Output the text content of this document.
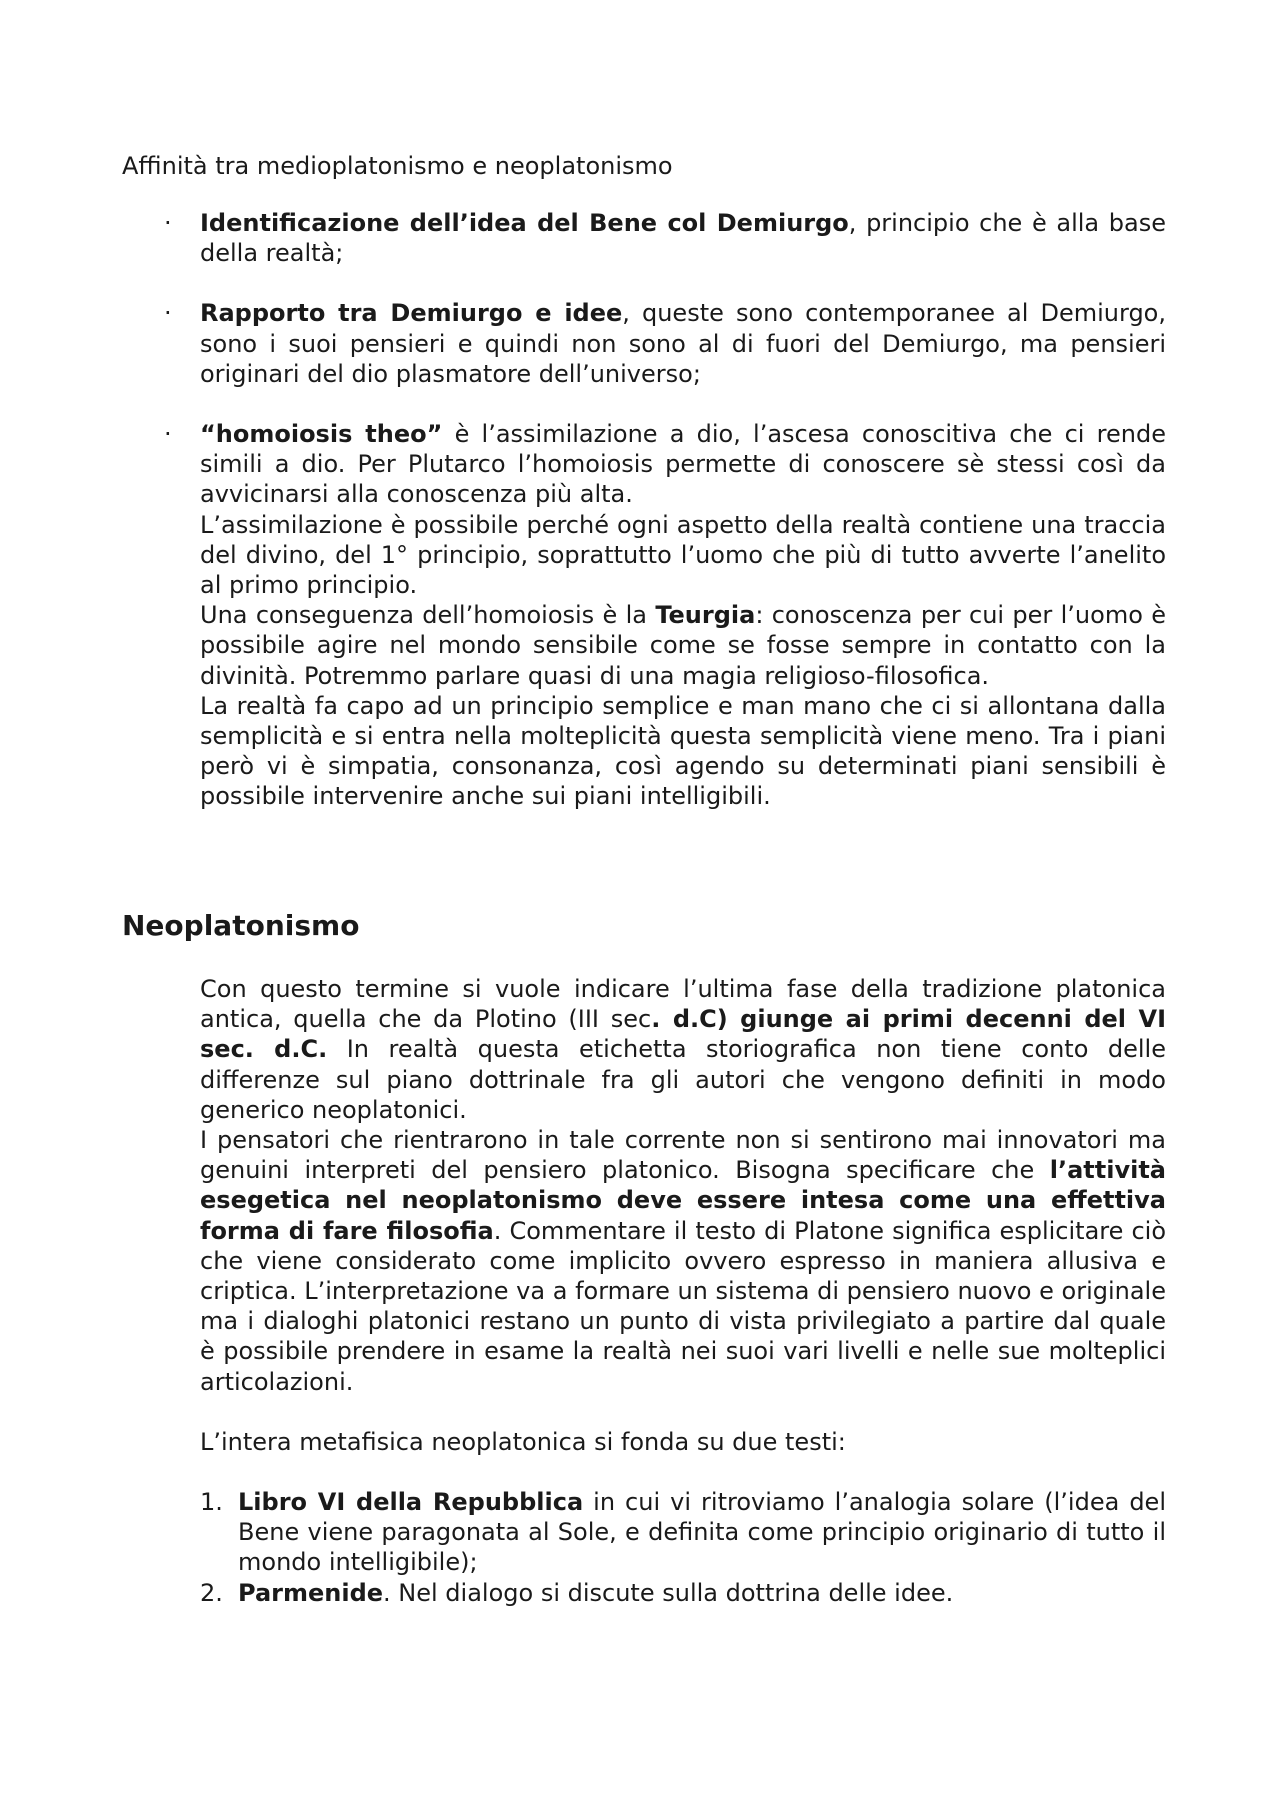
Affinità tra medioplatonismo e neoplatonismo

· Identificazione dell’idea del Bene col Demiurgo, principio che è alla base della realtà;

· Rapporto tra Demiurgo e idee, queste sono contemporanee al Demiurgo, sono i suoi pensieri e quindi non sono al di fuori del Demiurgo, ma pensieri originari del dio plasmatore dell’universo;

· “homoiosis theo” è l’assimilazione a dio, l’ascesa conoscitiva che ci rende simili a dio. Per Plutarco l’homoiosis permette di conoscere sè stessi così da avvicinarsi alla conoscenza più alta.

L’assimilazione è possibile perché ogni aspetto della realtà contiene una traccia del divino, del 1° principio, soprattutto l’uomo che più di tutto avverte l’anelito al primo principio.

Una conseguenza dell’homoiosis è la Teurgia: conoscenza per cui per l’uomo è possibile agire nel mondo sensibile come se fosse sempre in contatto con la divinità. Potremmo parlare quasi di una magia religioso-filosofica.

La realtà fa capo ad un principio semplice e man mano che ci si allontana dalla semplicità e si entra nella molteplicità questa semplicità viene meno. Tra i piani però vi è simpatia, consonanza, così agendo su determinati piani sensibili è possibile intervenire anche sui piani intelligibili.

Neoplatonismo

Con questo termine si vuole indicare l’ultima fase della tradizione platonica antica, quella che da Plotino (III sec. d.C) giunge ai primi decenni del VI sec. d.C. In realtà questa etichetta storiografica non tiene conto delle differenze sul piano dottrinale fra gli autori che vengono definiti in modo generico neoplatonici.

I pensatori che rientrarono in tale corrente non si sentirono mai innovatori ma genuini interpreti del pensiero platonico. Bisogna specificare che l’attività esegetica nel neoplatonismo deve essere intesa come una effettiva forma di fare filosofia. Commentare il testo di Platone significa esplicitare ciò che viene considerato come implicito ovvero espresso in maniera allusiva e criptica. L’interpretazione va a formare un sistema di pensiero nuovo e originale ma i dialoghi platonici restano un punto di vista privilegiato a partire dal quale è possibile prendere in esame la realtà nei suoi vari livelli e nelle sue molteplici articolazioni.

L’intera metafisica neoplatonica si fonda su due testi:

1. Libro VI della Repubblica in cui vi ritroviamo l’analogia solare (l’idea del Bene viene paragonata al Sole, e definita come principio originario di tutto il mondo intelligibile);
2. Parmenide. Nel dialogo si discute sulla dottrina delle idee.
